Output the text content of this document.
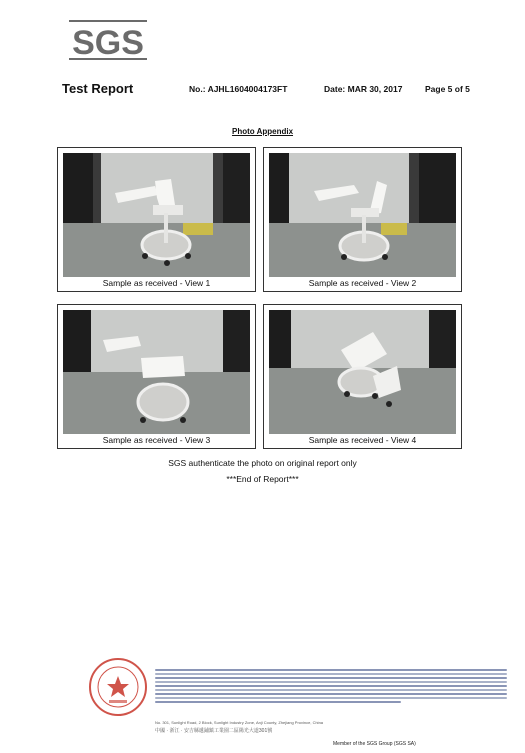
SGS
Test Report	No.: AJHL1604004173FT	Date: MAR 30, 2017	Page 5 of 5
Photo Appendix
Sample as received - View 1	Sample as received - View 2
Sample as received - View 3	Sample as received - View 4
SGS authenticate the photo on original report only
***End of Report***
No. 301, Sunlight Road, 2 Block, Sunlight Industry Zone, Anji County, Zhejiang Province, China
中國 · 浙江 · 安吉縣遞鋪鎮工業園二區陽光大道301號
Member of the SGS Group (SGS SA)
